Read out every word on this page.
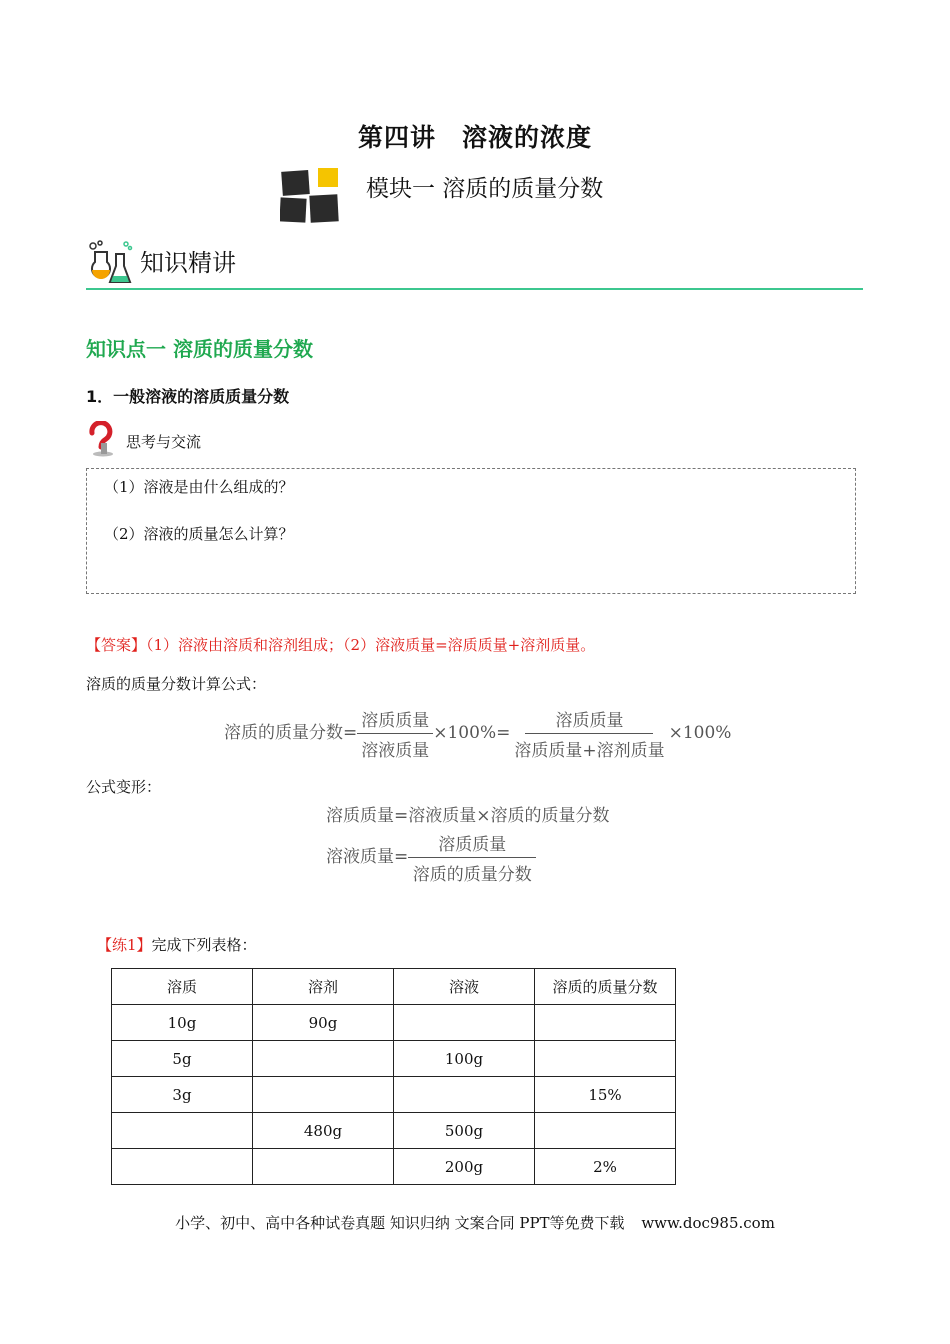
第四讲　溶液的浓度
模块一 溶质的质量分数
知识精讲
知识点一 溶质的质量分数
1．一般溶液的溶质质量分数
思考与交流
（1）溶液是由什么组成的？
（2）溶液的质量怎么计算？
【答案】（1）溶液由溶质和溶剂组成；（2）溶液质量=溶质质量+溶剂质量。
溶质的质量分数计算公式：
溶质的质量分数= $\frac{\text{溶质质量}}{\text{溶液质量}} \times 100\%= \frac{\text{溶质质量}}{\text{溶质质量+溶剂质量}} \times 100\%$
公式变形：
溶质质量=溶液质量×溶质的质量分数
溶液质量= $\frac{\text{溶质质量}}{\text{溶质的质量分数}}$
【练1】完成下列表格：
溶质	溶剂	溶液	溶质的质量分数
10g	90g		
5g		100g	
3g			15%
	480g	500g	
		200g	2%
小学、初中、高中各种试卷真题 知识归纳 文案合同 PPT等免费下载 www.doc985.com
